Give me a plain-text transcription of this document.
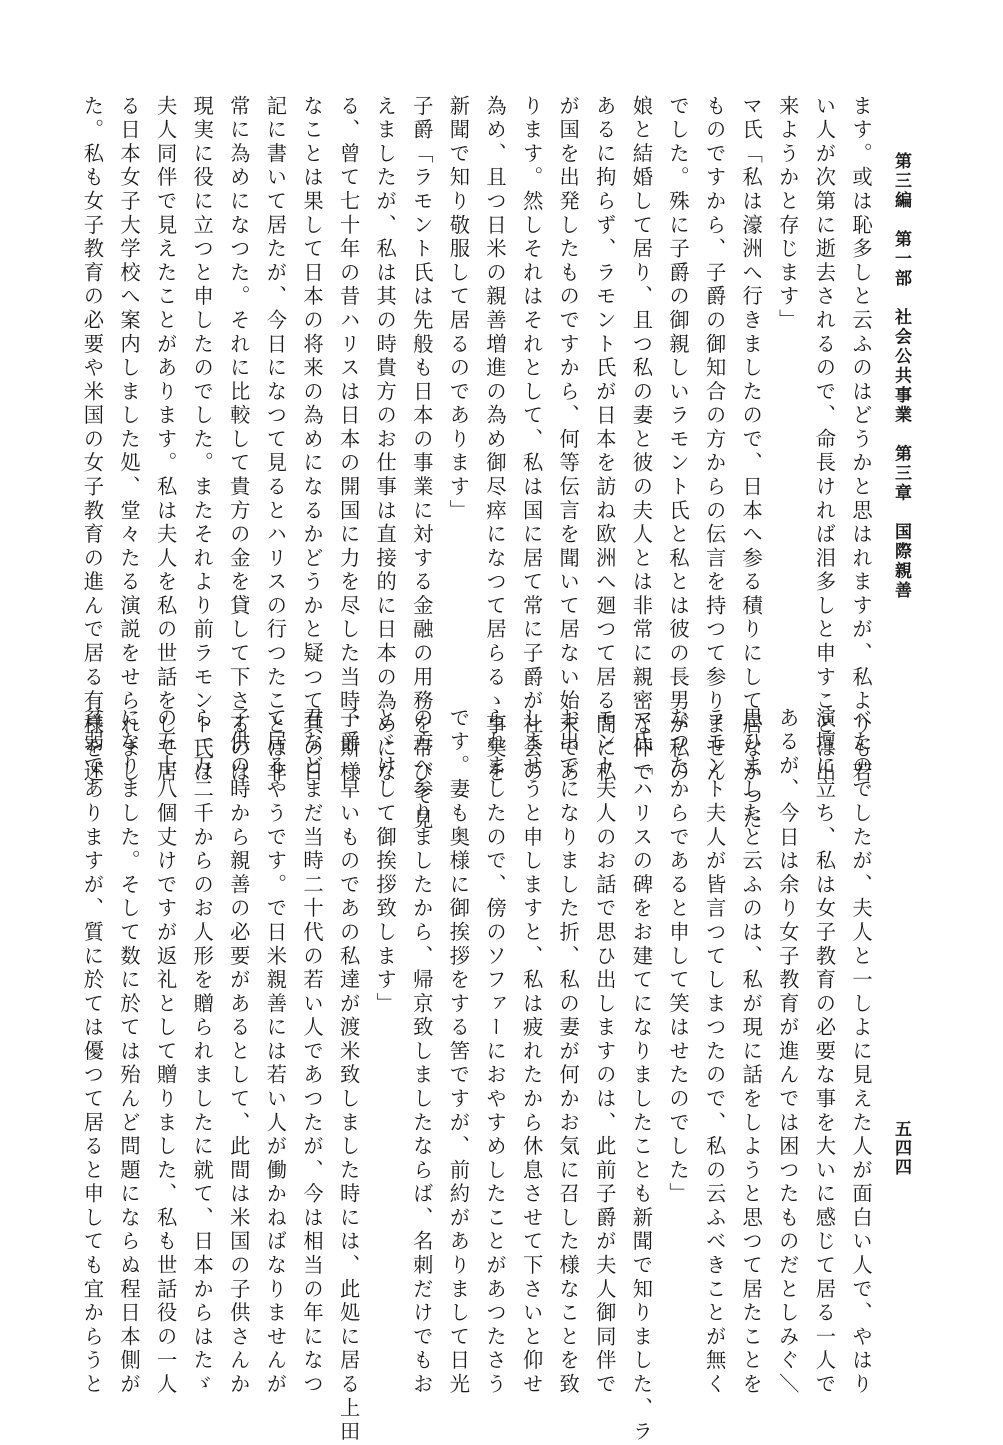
第三編　第一部　社会公共事業　第三章　国際親善
五四四
ます。或は恥多しと云ふのはどうかと思はれますが、私よりも若
い人が次第に逝去されるので、命長ければ泪多しと申すことは出
来ようかと存じます」
マ氏「私は濠洲へ行きましたので、日本へ参る積りにして居なかつた
ものですから、子爵の御知合の方からの伝言を持つて参りません
でした。殊に子爵の御親しいラモント氏と私とは彼の長男が私の
娘と結婚して居り、且つ私の妻と彼の夫人とは非常に親密な仲で
あるに拘らず、ラモント氏が日本を訪ね欧洲へ廻つて居る間に私
が国を出発したものですから、何等伝言を聞いて居ない始末であ
ります。然しそれはそれとして、私は国に居て常に子爵が社会の
為め、且つ日米の親善増進の為め御尽瘁になつて居らるゝ事実を
新聞で知り敬服して居るのであります」
子爵「ラモント氏は先般も日本の事業に対する金融の用務を帯びて見
えましたが、私は其の時貴方のお仕事は直接的に日本の為めにな
る、曾て七十年の昔ハリスは日本の開国に力を尽した当時、斯様
なことは果して日本の将来の為めになるかどうかと疑つて其の日
記に書いて居たが、今日になつて見るとハリスの行つたことは非
常に為めになつた。それに比較して貴方の金を貸して下さるのは
現実に役に立つと申したのでした。またそれより前ラモント氏は
夫人同伴で見えたことがあります。私は夫人を私の世話をして居
る日本女子大学校へ案内しました処、堂々たる演説をせられまし
た。私も女子教育の必要や米国の女子教育の進んで居る有様を述
べたのでしたが、夫人と一しよに見えた人が面白い人で、やはり
演壇に立ち、私は女子教育の必要な事を大いに感じて居る一人で
あるが、今日は余り女子教育が進んでは困つたものだとしみぐ＼
思ひましたと云ふのは、私が現に話をしようと思つて居たことを
ラモント夫人が皆言つてしまつたので、私の云ふべきことが無く
なつたからであると申して笑はせたのでした」
マ氏「ハリスの碑をお建てになりましたことも新聞で知りました、ラ
モント夫人のお話で思ひ出しますのは、此前子爵が夫人御同伴で
お出でになりました折、私の妻が何かお気に召した様なことを致
しませうと申しますと、私は疲れたから休息させて下さいと仰せ
られましたので、傍のソファーにおやすめしたことがあつたさう
です。妻も奥様に御挨拶をする筈ですが、前約がありまして日光
の方へ参りましたから、帰京致しましたならば、名刺だけでもお
とゞけして御挨拶致します」
子爵「早いものであの私達が渡米致しました時には、此処に居る上田
君などまだ当時二十代の若い人であつたが、今は相当の年になつ
て居るやうです。で日米親善には若い人が働かねばなりませんが
子供の時から親善の必要があるとして、此間は米国の子供さんか
ら一万二千からのお人形を贈られましたに就て、日本からはたゞ
の五十八個丈けですが返礼として贈りました、私も世話役の一人
になりました。そして数に於ては殆んど問題にならぬ程日本側が
貧弱でありますが、質に於ては優つて居ると申しても宜からうと
